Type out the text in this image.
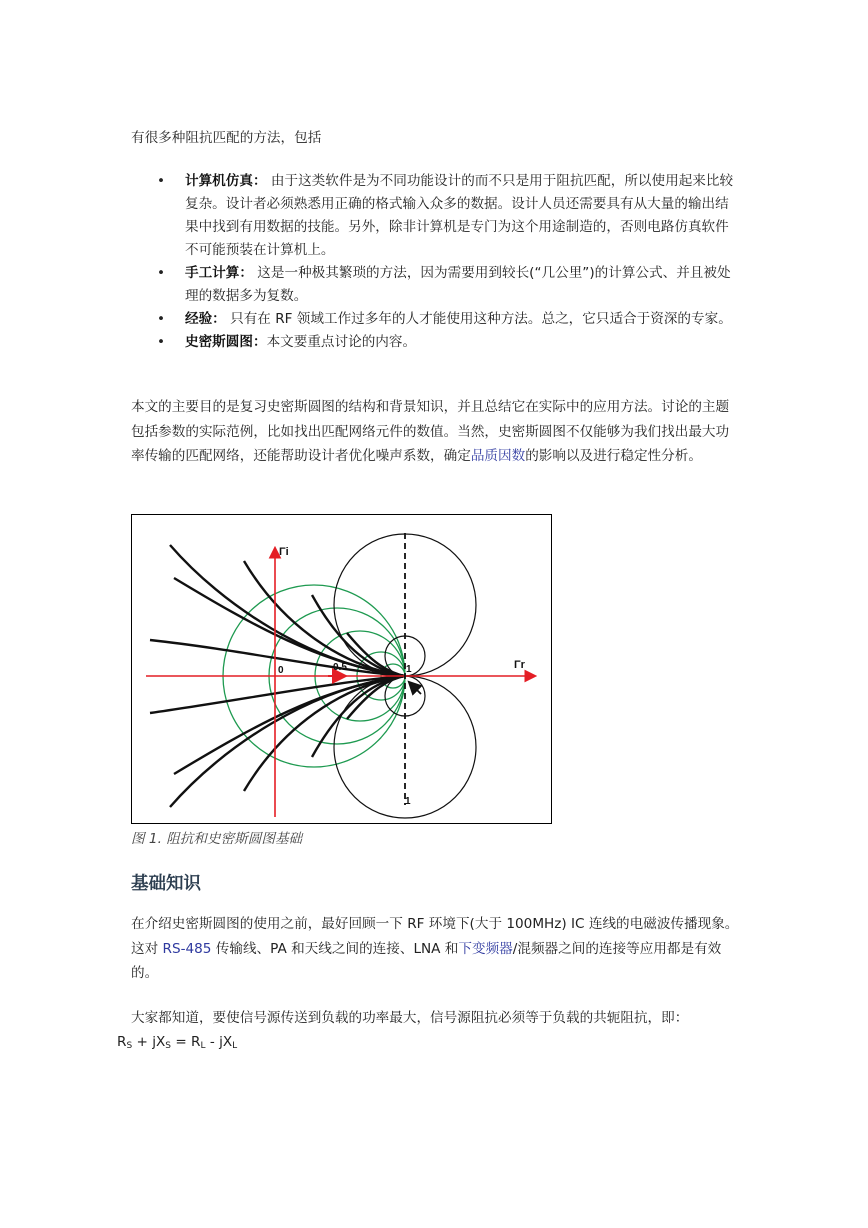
有很多种阻抗匹配的方法，包括
• 计算机仿真： 由于这类软件是为不同功能设计的而不只是用于阻抗匹配，所以使用起来比较复杂。设计者必须熟悉用正确的格式输入众多的数据。设计人员还需要具有从大量的输出结果中找到有用数据的技能。另外，除非计算机是专门为这个用途制造的，否则电路仿真软件不可能预装在计算机上。
• 手工计算： 这是一种极其繁琐的方法，因为需要用到较长(“几公里”)的计算公式、并且被处理的数据多为复数。
• 经验： 只有在 RF 领域工作过多年的人才能使用这种方法。总之，它只适合于资深的专家。
• 史密斯圆图：本文要重点讨论的内容。
本文的主要目的是复习史密斯圆图的结构和背景知识，并且总结它在实际中的应用方法。讨论的主题包括参数的实际范例，比如找出匹配网络元件的数值。当然，史密斯圆图不仅能够为我们找出最大功率传输的匹配网络，还能帮助设计者优化噪声系数，确定品质因数的影响以及进行稳定性分析。
Γi
Γr
0	0.5	1
1
图 1. 阻抗和史密斯圆图基础
基础知识
在介绍史密斯圆图的使用之前，最好回顾一下 RF 环境下(大于 100MHz) IC 连线的电磁波传播现象。这对 RS-485 传输线、PA 和天线之间的连接、LNA 和下变频器/混频器之间的连接等应用都是有效的。
大家都知道，要使信号源传送到负载的功率最大，信号源阻抗必须等于负载的共轭阻抗，即：
$R_S + jX_S = R_L - jX_L$
